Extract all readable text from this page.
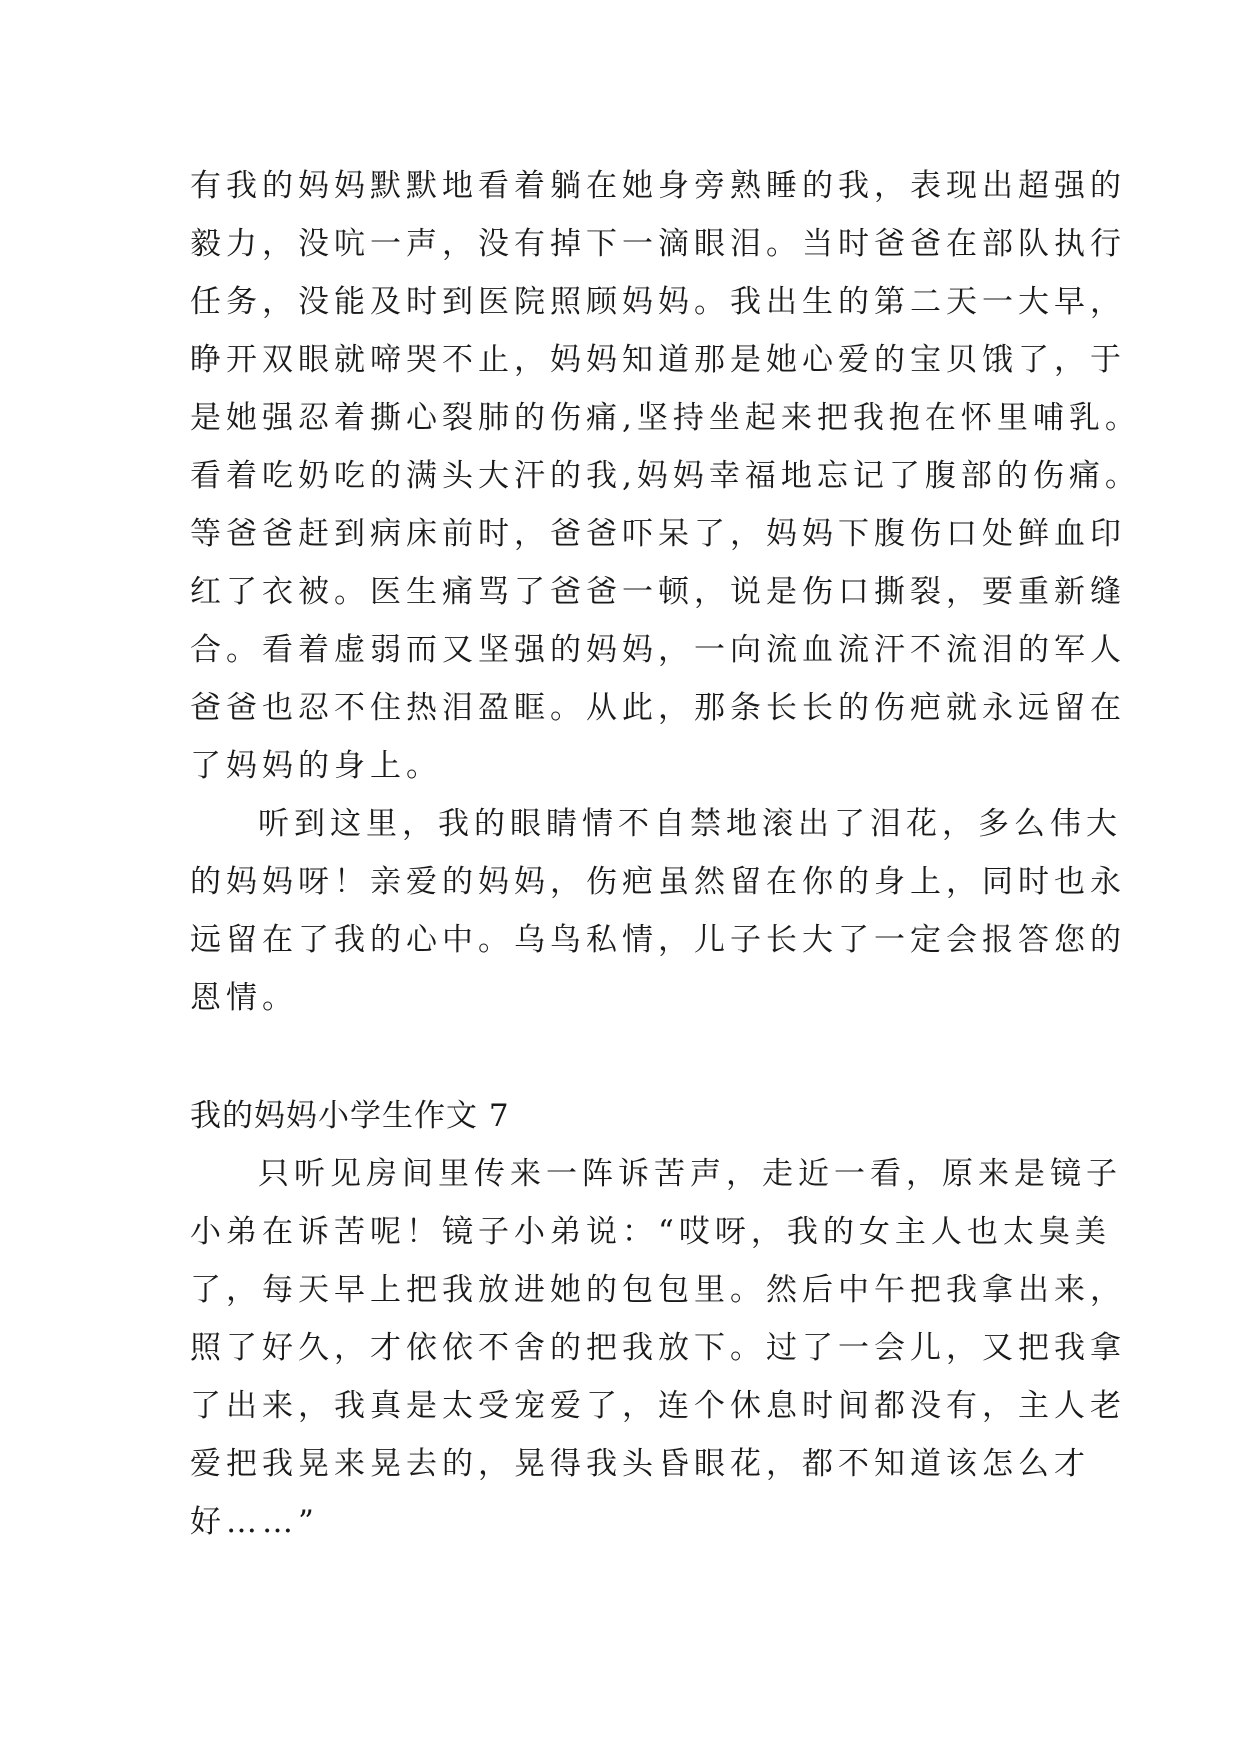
有我的妈妈默默地看着躺在她身旁熟睡的我，表现出超强的
毅力，没吭一声，没有掉下一滴眼泪。当时爸爸在部队执行
任务，没能及时到医院照顾妈妈。我出生的第二天一大早，
睁开双眼就啼哭不止，妈妈知道那是她心爱的宝贝饿了，于
是她强忍着撕心裂肺的伤痛,坚持坐起来把我抱在怀里哺乳。
看着吃奶吃的满头大汗的我,妈妈幸福地忘记了腹部的伤痛。
等爸爸赶到病床前时，爸爸吓呆了，妈妈下腹伤口处鲜血印
红了衣被。医生痛骂了爸爸一顿，说是伤口撕裂，要重新缝
合。看着虚弱而又坚强的妈妈，一向流血流汗不流泪的军人
爸爸也忍不住热泪盈眶。从此，那条长长的伤疤就永远留在
了妈妈的身上。
听到这里，我的眼睛情不自禁地滚出了泪花，多么伟大
的妈妈呀！亲爱的妈妈，伤疤虽然留在你的身上，同时也永
远留在了我的心中。乌鸟私情，儿子长大了一定会报答您的
恩情。
我的妈妈小学生作文 7
只听见房间里传来一阵诉苦声，走近一看，原来是镜子
小弟在诉苦呢！镜子小弟说：“哎呀，我的女主人也太臭美
了，每天早上把我放进她的包包里。然后中午把我拿出来，
照了好久，才依依不舍的把我放下。过了一会儿，又把我拿
了出来，我真是太受宠爱了，连个休息时间都没有，主人老
爱把我晃来晃去的，晃得我头昏眼花，都不知道该怎么才
好……”
